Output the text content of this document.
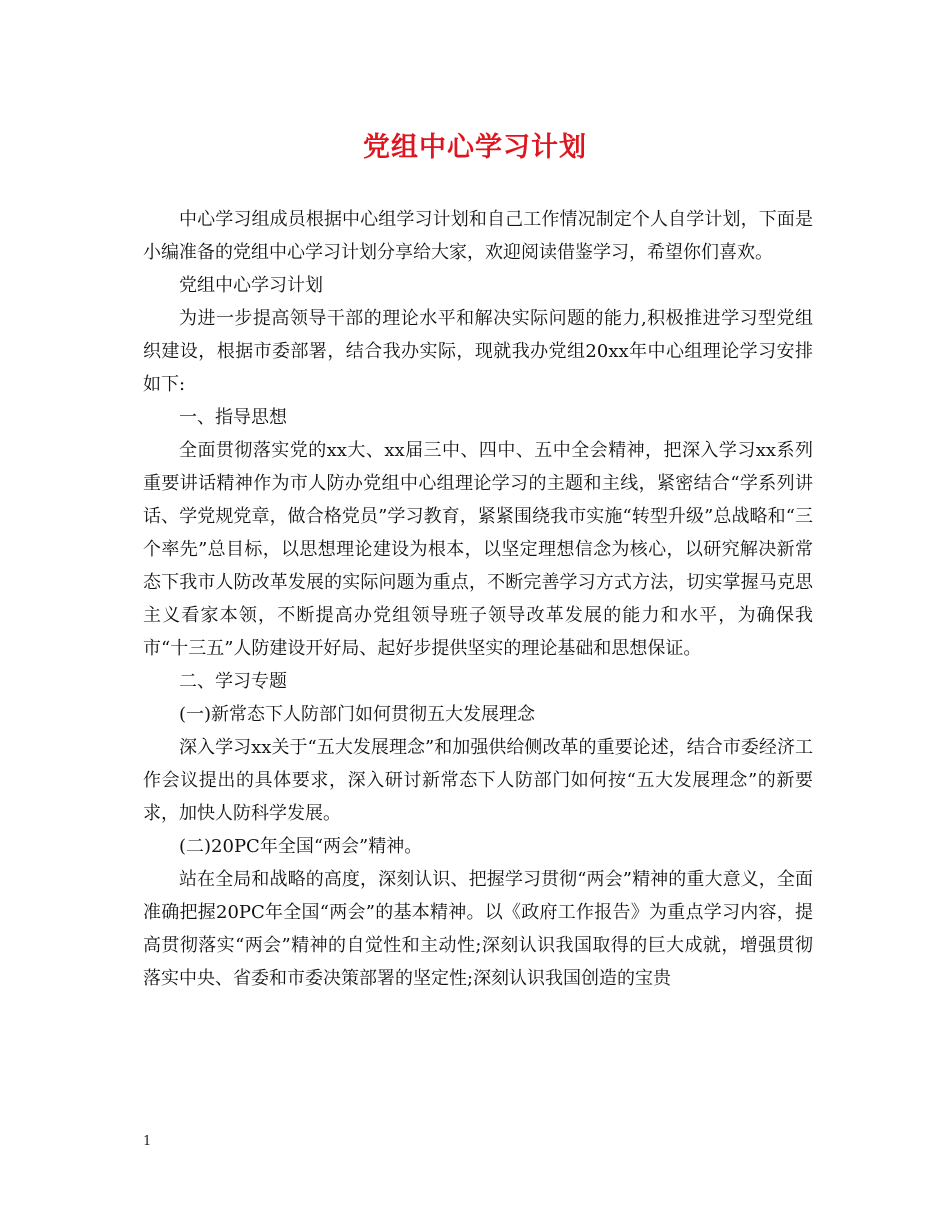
党组中心学习计划

中心学习组成员根据中心组学习计划和自己工作情况制定个人自学计划，下面是小编准备的党组中心学习计划分享给大家，欢迎阅读借鉴学习，希望你们喜欢。

党组中心学习计划

为进一步提高领导干部的理论水平和解决实际问题的能力,积极推进学习型党组织建设，根据市委部署，结合我办实际，现就我办党组20xx年中心组理论学习安排如下:

一、指导思想

全面贯彻落实党的xx大、xx届三中、四中、五中全会精神，把深入学习xx系列重要讲话精神作为市人防办党组中心组理论学习的主题和主线，紧密结合“学系列讲话、学党规党章，做合格党员”学习教育，紧紧围绕我市实施“转型升级”总战略和“三个率先”总目标，以思想理论建设为根本，以坚定理想信念为核心，以研究解决新常态下我市人防改革发展的实际问题为重点，不断完善学习方式方法，切实掌握马克思主义看家本领，不断提高办党组领导班子领导改革发展的能力和水平，为确保我市“十三五”人防建设开好局、起好步提供坚实的理论基础和思想保证。

二、学习专题

(一)新常态下人防部门如何贯彻五大发展理念

深入学习xx关于“五大发展理念”和加强供给侧改革的重要论述，结合市委经济工作会议提出的具体要求，深入研讨新常态下人防部门如何按“五大发展理念”的新要求，加快人防科学发展。

(二)20PC年全国“两会”精神。

站在全局和战略的高度，深刻认识、把握学习贯彻“两会”精神的重大意义，全面准确把握20PC年全国“两会”的基本精神。以《政府工作报告》为重点学习内容，提高贯彻落实“两会”精神的自觉性和主动性;深刻认识我国取得的巨大成就，增强贯彻落实中央、省委和市委决策部署的坚定性;深刻认识我国创造的宝贵

1
